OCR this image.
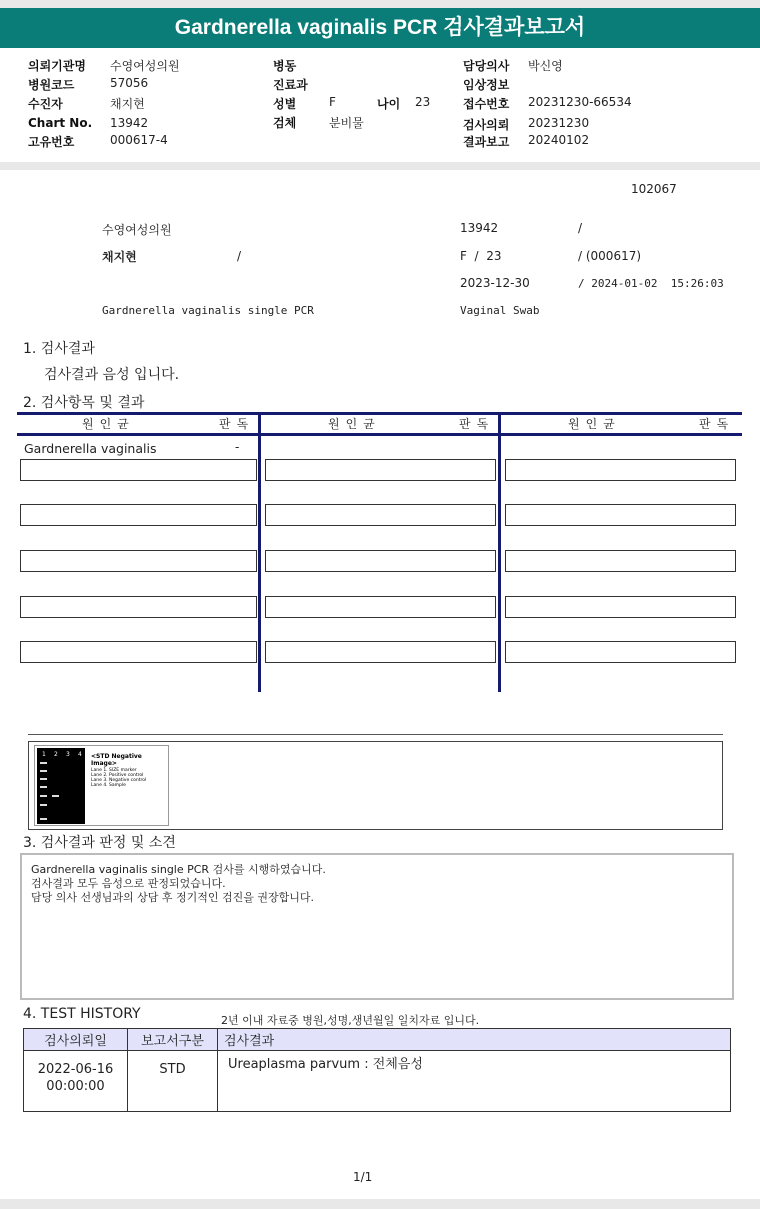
Gardnerella vaginalis PCR 검사결과보고서
의뢰기관명 수영여성의원
병원코드	57056
수진자	채지현
Chart No. 13942
고유번호	000617-4
병동
진료과
성별	F	나이 23
검체	분비물
담당의사 박신영
임상정보
접수번호 20231230-66534
검사의뢰 20231230
결과보고 20240102
102067
수영여성의원	13942	/
채지현	/	F  /  23	/ (000617)
2023-12-30	/ 2024-01-02  15:26:03
Gardnerella vaginalis single PCR	Vaginal Swab
1. 검사결과
검사결과 음성 입니다.
2. 검사항목 및 결과
원인균	판독	원인균	판독	원인균	판독
Gardnerella vaginalis	-
1 2 3 4 <STD Negative Image>
Lane 1. SIZE marker
Lane 2. Positive control
Lane 3. Negative control
Lane 4. Sample
3. 검사결과 판정 및 소견
Gardnerella vaginalis single PCR 검사를 시행하였습니다.
검사결과 모두 음성으로 판정되었습니다.
담당 의사 선생님과의 상담 후 정기적인 검진을 권장합니다.
4. TEST HISTORY	2년 이내 자료중 병원,성명,생년월일 일치자료 입니다.
검사의뢰일	보고서구분	검사결과

2022-06-16
00:00:00	STD	Ureaplasma parvum : 전체음성
1/1
